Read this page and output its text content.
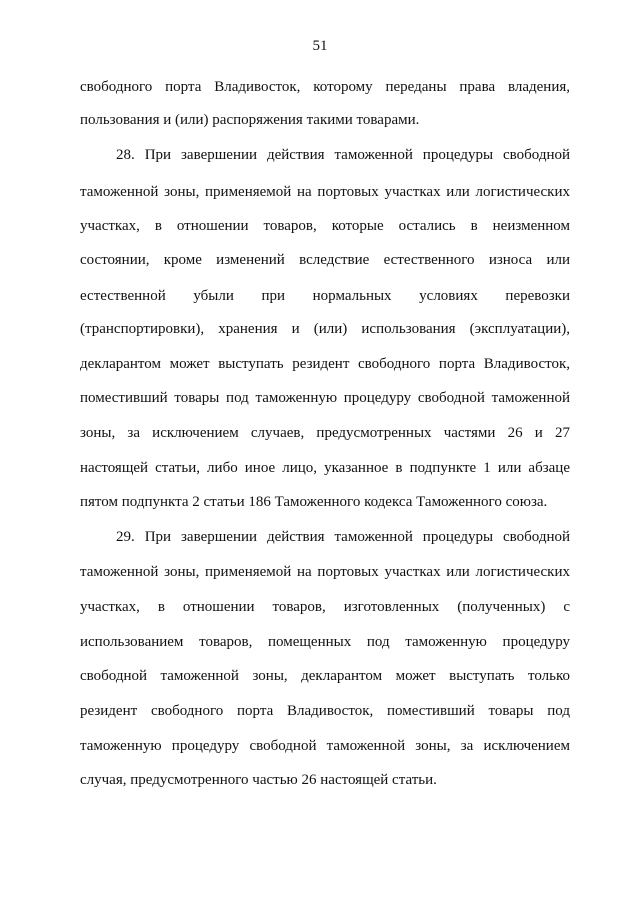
51
свободного порта Владивосток, которому переданы права владения,
пользования и (или) распоряжения такими товарами.
28. При завершении действия таможенной процедуры свободной
таможенной зоны, применяемой на портовых участках или логистических
участках, в отношении товаров, которые остались в неизменном
состоянии, кроме изменений вследствие естественного износа или
естественной убыли при нормальных условиях перевозки
(транспортировки), хранения и (или) использования (эксплуатации),
декларантом может выступать резидент свободного порта Владивосток,
поместивший товары под таможенную процедуру свободной таможенной
зоны, за исключением случаев, предусмотренных частями 26 и 27
настоящей статьи, либо иное лицо, указанное в подпункте 1 или абзаце
пятом подпункта 2 статьи 186 Таможенного кодекса Таможенного союза.
29. При завершении действия таможенной процедуры свободной
таможенной зоны, применяемой на портовых участках или логистических
участках, в отношении товаров, изготовленных (полученных) с
использованием товаров, помещенных под таможенную процедуру
свободной таможенной зоны, декларантом может выступать только
резидент свободного порта Владивосток, поместивший товары под
таможенную процедуру свободной таможенной зоны, за исключением
случая, предусмотренного частью 26 настоящей статьи.
